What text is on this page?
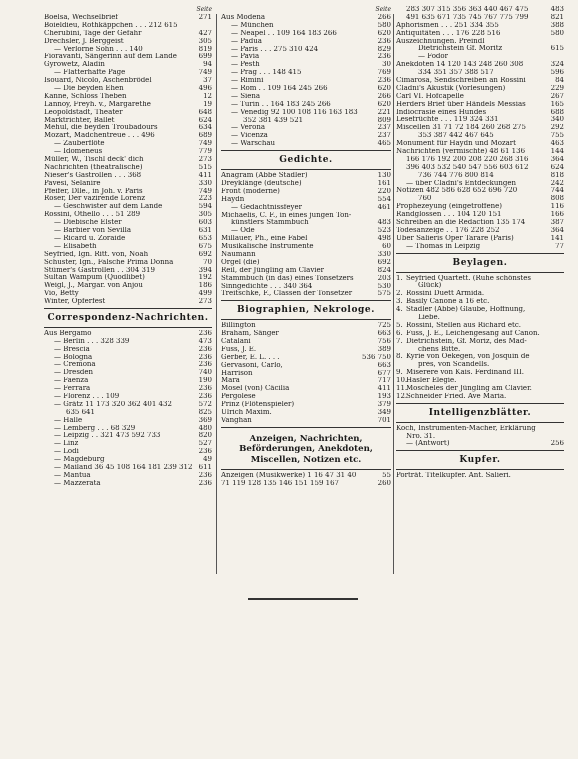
Seite
Boelsa, Wechselbrief	271
Boieldieu, Rothkäppchen . . . 212 615
Cherubini, Tage der Gefahr	427
Drechsler, J. Berggeist	305
— Verlorne Sohn . . . 140	819
Fioravanti, Sängerinn auf dem Lande	699
Gyrowetz, Aladin	94
— Flatterhafte Page	749
Isouard, Nicolo, Aschenbrödel	37
— Die beyden Ehen	496
Kanne, Schloss Theben	12
Lannoy, Freyh. v., Margarethe	19
Leopoldstadt, Theater	648
Marktrichter, Ballet	624
Méhul, die beyden Troubadours	634
Mozart, Madchentreue . . . 496	689
— Zauberflöte	749
— Idomeneus	779
Müller, W., Tischl deck' dich	273
Nachrichten (theatralische)	515
Nieser's Gastrollen . . . 368	411
Pavesi, Selanire	330
Pfeifer, Dlle., in Joh. v. Paris	749
Roser, Der vazirende Lorenz	223
— Geschwister auf dem Lande	594
Rossini, Othello . . . 51 289	305
— Diebische Elster	603
— Barbier von Sevilla	631
— Ricard u. Zoraide	653
— Elisabeth	675
Seyfried, Ign. Ritt. von, Noah	692
Schuster, Ign., Falsche Prima Donna	70
Stümer's Gastrollen . . 304 319	394
Sultan Wampum (Quodlibet)	192
Weigl, J., Margar. von Anjou	186
Vio, Betty	499
Winter, Opferfest	273
Correspondenz-Nachrichten.
Aus Bergamo	236
— Berlin . . . 328 339	473
— Brescia	236
— Bologna	236
— Cremona	236
— Dresden	740
— Faenza	190
— Ferrara	236
— Florenz . . . 109	236
— Grätz 11 173 320 362 401 432	572
635 641	825
— Halle	369
— Lemberg . . . 68 329	480
— Leipzig . . 321 473 592 733	820
— Linz	527
— Lodi	236
— Magdeburg	49
— Mailand 36 45 108 164 181 239 312 611
— Mantua	236
— Mazzerata	236
Seite
Aus Modena	266
— München	580
— Neapel . . 109 164 183 266	620
— Padua	236
— Paris . . . 275 310 424	829
— Pavia	236
— Pesth	30
— Prag . . . 148 415	769
— Rimini	236
— Rom . . 109 164 245 266	620
— Siena	266
— Turin . . 164 183 245 266	620
— Venedig 92 100 108 116 163 183	221
352 381 439 521	809
— Verona	237
— Vicenza	237
— Warschau	465
Gedichte.
Anagram (Abbé Stadler)	130
Dreyklänge (deutsche)	161
Front (moderne)	220
Haydn	554
— Gedachtnissfeyer	461
Michaelis, C. F., in eines jungen Ton-
künstlers Stammbuch	483
— Ode	523
Millauer, Ph., eine Fabel	498
Musikalische Instrumente	60
Naumann	330
Orgel (die)	692
Reil, der Jüngling am Clavier	824
Stammbuch (in das) eines Tonsetzers	203
Sinngedichte . . . 340 364	530
Treitschke, F., Classen der Tonsetzer	575
Biographien, Nekrologe.
Billington	725
Braham, Sänger	663
Catalani	756
Fuss, J. E.	389
Gerber, E. L. . . .	536 750
Gervasoni, Carlo,	663
Harrison	677
Mara	717
Mosel (von) Cäcilia	411
Pergolese	193
Prinz (Flötenspieler)	379
Ulrich Maxim.	349
Vanghan	701
Anzeigen, Nachrichten, Beförderungen, Anekdoten, Miscellen, Notizen etc.
Anzeigen (Musikwerke) 1 16 47 31 40	55
71 119 128 135 146 151 159 167	260
283 307 315 356 363 440 467 475	483
491 635 671 735 745 767 775 799	821
Aphorismen . . . 251 334 355	388
Antiquitäten . . . 176 228 516	580
Auszeichnungen. Preindl
Dietrichstein Gf. Moritz	615
— Fodor
Anekdoten 14 120 143 248 260 308	324
334 351 357 388 517	596
Cimarosa, Sendschreiben an Rossini	84
Cladni's Akustik (Vorlesungen)	229
Carl VI. Hofcapelle	267
Herders Brief über Händels Messias	165
Indiocrasie eines Hundes	688
Lesefrüchte . . . 119 324 331	340
Miscellen 31 71 72 184 260 268 275	292
353 387 442 467 645	755
Monument für Haydn und Mozart	463
Nachrichten (vermischte) 48 61 136	144
166 176 192 200 208 220 268 316	364
396 403 532 540 547 556 603 612	624
736 744 776 800 814	818
— über Cladni's Entdeckungen	242
Notizen 482 586 628 652 696 720	744
760	808
Prophezeyung (eingetroffene)	116
Randglossen . . . 104 120 151	166
Schreiben an die Redaction 135 174	387
Todesanzeige . . 176 228 252	364
Über Salieris Oper Tarare (Paris)	141
— Thomas in Leipzig	77
Beylagen.
1. Seyfried Quartett. (Ruhe schönstes
Glück)
2. Rossini Duett Armida.
3. Basily Canone a 16 etc.
4. Stadler (Abbé) Glaube, Hoffnung,
Liebe.
5. Rossini, Stellen aus Richard etc.
6. Fuss, J. E., Leichengesang auf Canon.
7. Dietrichstein, Gf. Moriz, des Mad-
chens Bitte.
8. Kyrie von Oekegen, von Josquin de
près, von Scandells.
9. Miserere von Kais. Ferdinand III.
10.Hasler Elegie.
11.Moscheles der Jüngling am Clavier.
12.Schneider Fried. Ave Maria.
Intelligenzblätter.
Koch, Instrumenten-Macher, Erklärung
Nro. 31.
— (Antwort)	256
Kupfer.
Porträt. Titelkupfer. Ant. Salieri.
